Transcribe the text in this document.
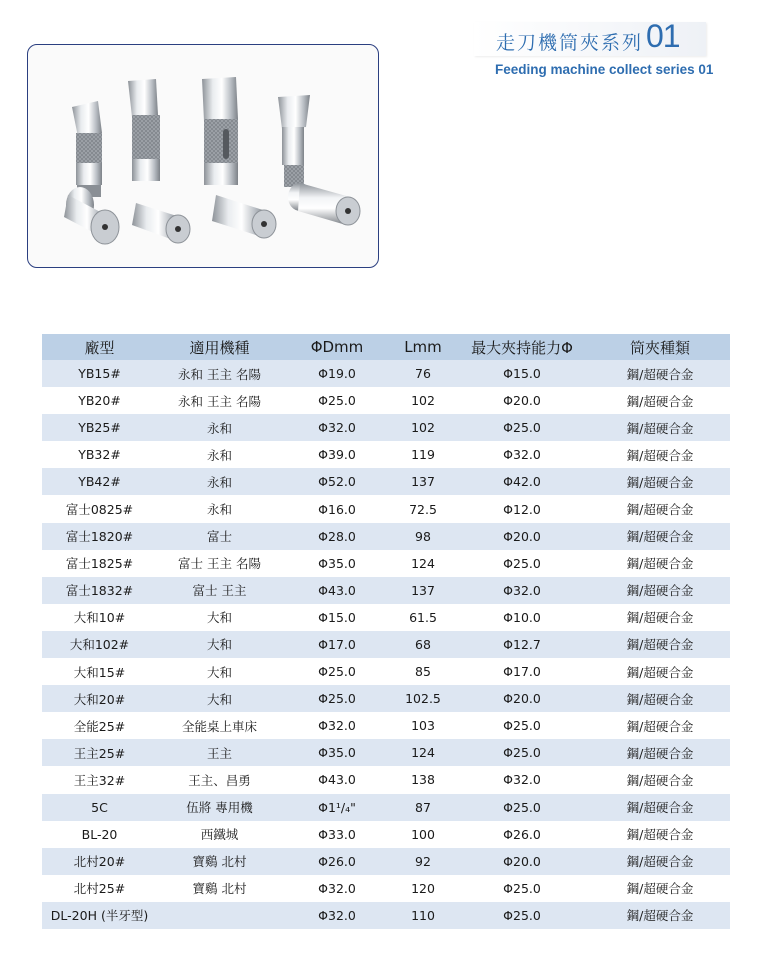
走刀機筒夾系列 01
Feeding machine collect series 01
廠型	適用機種	ΦDmm	Lmm	最大夾持能力Φ	筒夾種類
YB15#	永和 王主 名陽	Φ19.0	76	Φ15.0	鋼/超硬合金
YB20#	永和 王主 名陽	Φ25.0	102	Φ20.0	鋼/超硬合金
YB25#	永和	Φ32.0	102	Φ25.0	鋼/超硬合金
YB32#	永和	Φ39.0	119	Φ32.0	鋼/超硬合金
YB42#	永和	Φ52.0	137	Φ42.0	鋼/超硬合金
富士0825#	永和	Φ16.0	72.5	Φ12.0	鋼/超硬合金
富士1820#	富士	Φ28.0	98	Φ20.0	鋼/超硬合金
富士1825#	富士 王主 名陽	Φ35.0	124	Φ25.0	鋼/超硬合金
富士1832#	富士 王主	Φ43.0	137	Φ32.0	鋼/超硬合金
大和10#	大和	Φ15.0	61.5	Φ10.0	鋼/超硬合金
大和102#	大和	Φ17.0	68	Φ12.7	鋼/超硬合金
大和15#	大和	Φ25.0	85	Φ17.0	鋼/超硬合金
大和20#	大和	Φ25.0	102.5	Φ20.0	鋼/超硬合金
全能25#	全能桌上車床	Φ32.0	103	Φ25.0	鋼/超硬合金
王主25#	王主	Φ35.0	124	Φ25.0	鋼/超硬合金
王主32#	王主、昌勇	Φ43.0	138	Φ32.0	鋼/超硬合金
5C	伍將 專用機	Φ1¹/₄"	87	Φ25.0	鋼/超硬合金
BL-20	西鐵城	Φ33.0	100	Φ26.0	鋼/超硬合金
北村20#	寶鷄 北村	Φ26.0	92	Φ20.0	鋼/超硬合金
北村25#	寶鷄 北村	Φ32.0	120	Φ25.0	鋼/超硬合金
DL-20H (半牙型)		Φ32.0	110	Φ25.0	鋼/超硬合金
